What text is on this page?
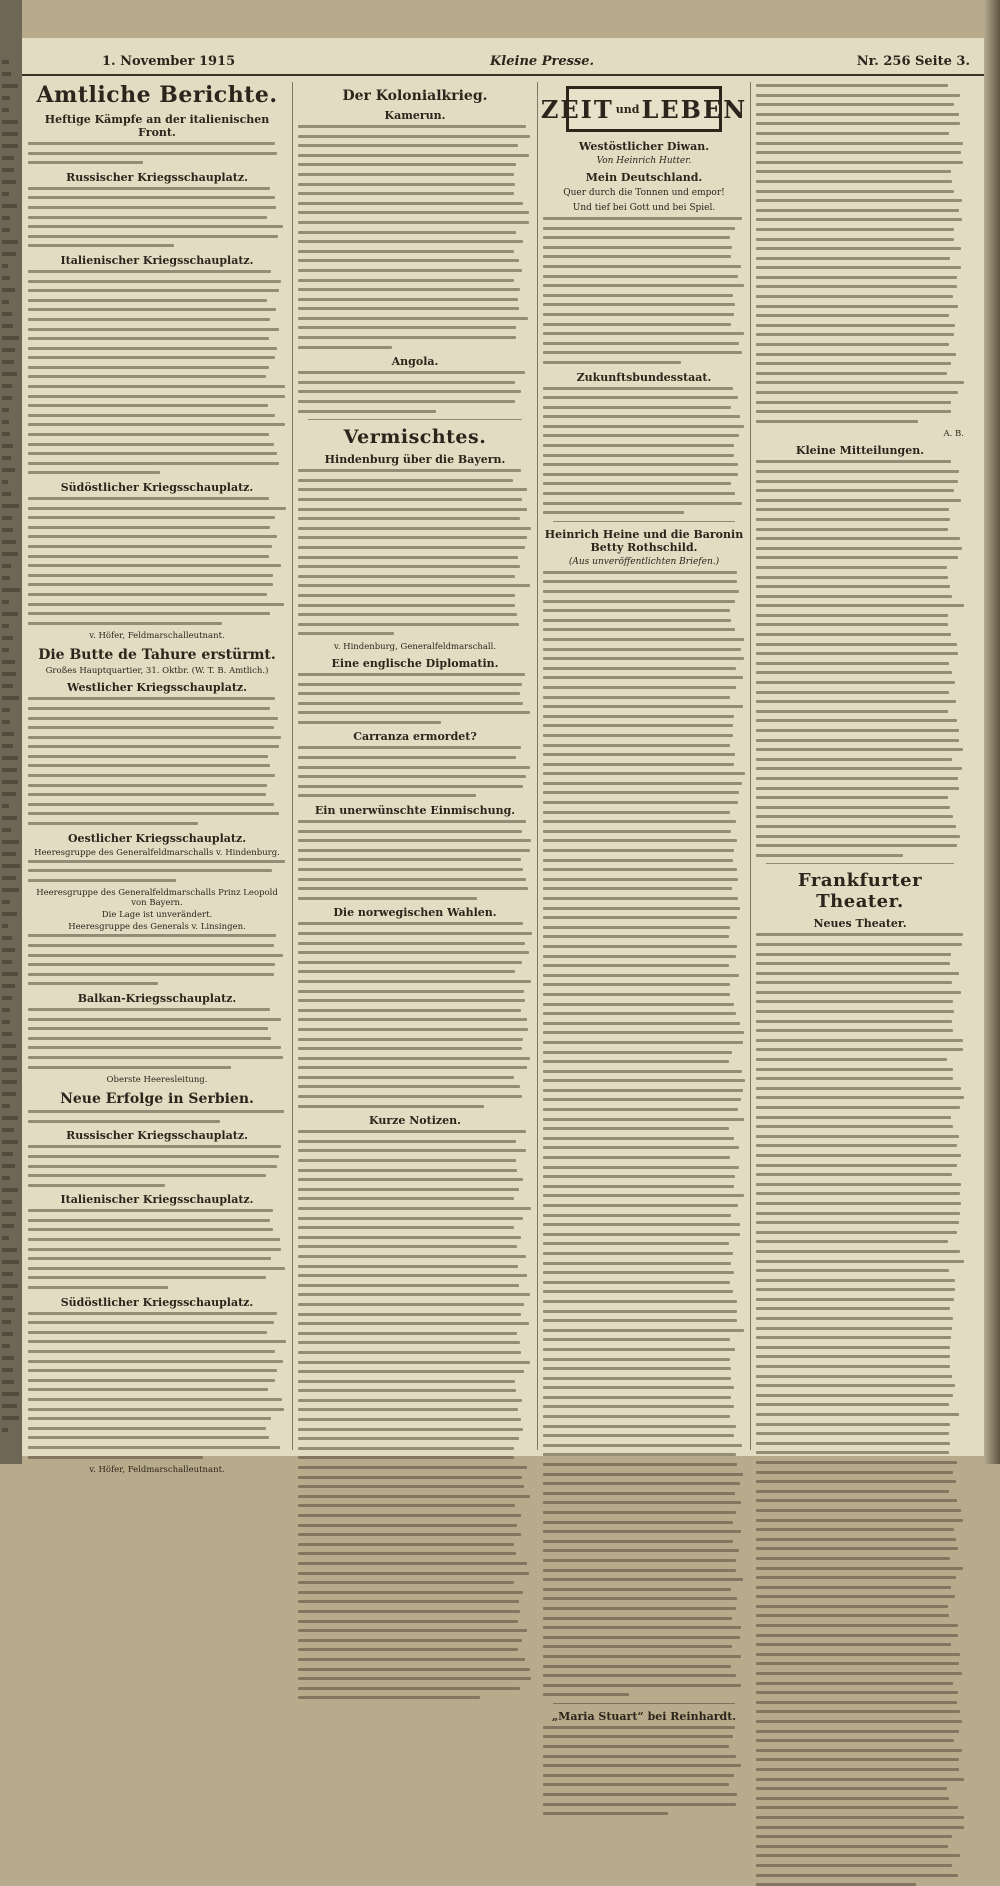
1. November 1915	Kleine Presse.	Nr. 256 Seite 3.
Amtliche Berichte.
Heftige Kämpfe an der italienischen Front.
Russischer Kriegsschauplatz.
Italienischer Kriegsschauplatz.
Südöstlicher Kriegsschauplatz.
v. Höfer, Feldmarschalleutnant.
Die Butte de Tahure erstürmt.
Großes Hauptquartier, 31. Oktbr. (W. T. B. Amtlich.)
Westlicher Kriegsschauplatz.
Oestlicher Kriegsschauplatz.
Heeresgruppe des Generalfeldmarschalls v. Hindenburg.
Heeresgruppe des Generalfeldmarschalls Prinz Leopold von Bayern.
Die Lage ist unverändert.
Heeresgruppe des Generals v. Linsingen.
Balkan-Kriegsschauplatz.
Oberste Heeresleitung.
Neue Erfolge in Serbien.
Russischer Kriegsschauplatz.
Italienischer Kriegsschauplatz.
Südöstlicher Kriegsschauplatz.
v. Höfer, Feldmarschalleutnant.
Der Kolonialkrieg.
Kamerun.
Angola.
Vermischtes.
Hindenburg über die Bayern.
v. Hindenburg, Generalfeldmarschall.
Eine englische Diplomatin.
Carranza ermordet?
Ein unerwünschte Einmischung.
Die norwegischen Wahlen.
Kurze Notizen.
ZEIT und LEBEN
Westöstlicher Diwan.
Von Heinrich Hutter.
Mein Deutschland.
Quer durch die Tonnen und empor!
Und tief bei Gott und bei Spiel.
Zukunftsbundesstaat.
Heinrich Heine und die Baronin Betty Rothschild.
(Aus unveröffentlichten Briefen.)
„Maria Stuart“ bei Reinhardt.
A. B.
Kleine Mitteilungen.
Frankfurter Theater.
Neues Theater.
